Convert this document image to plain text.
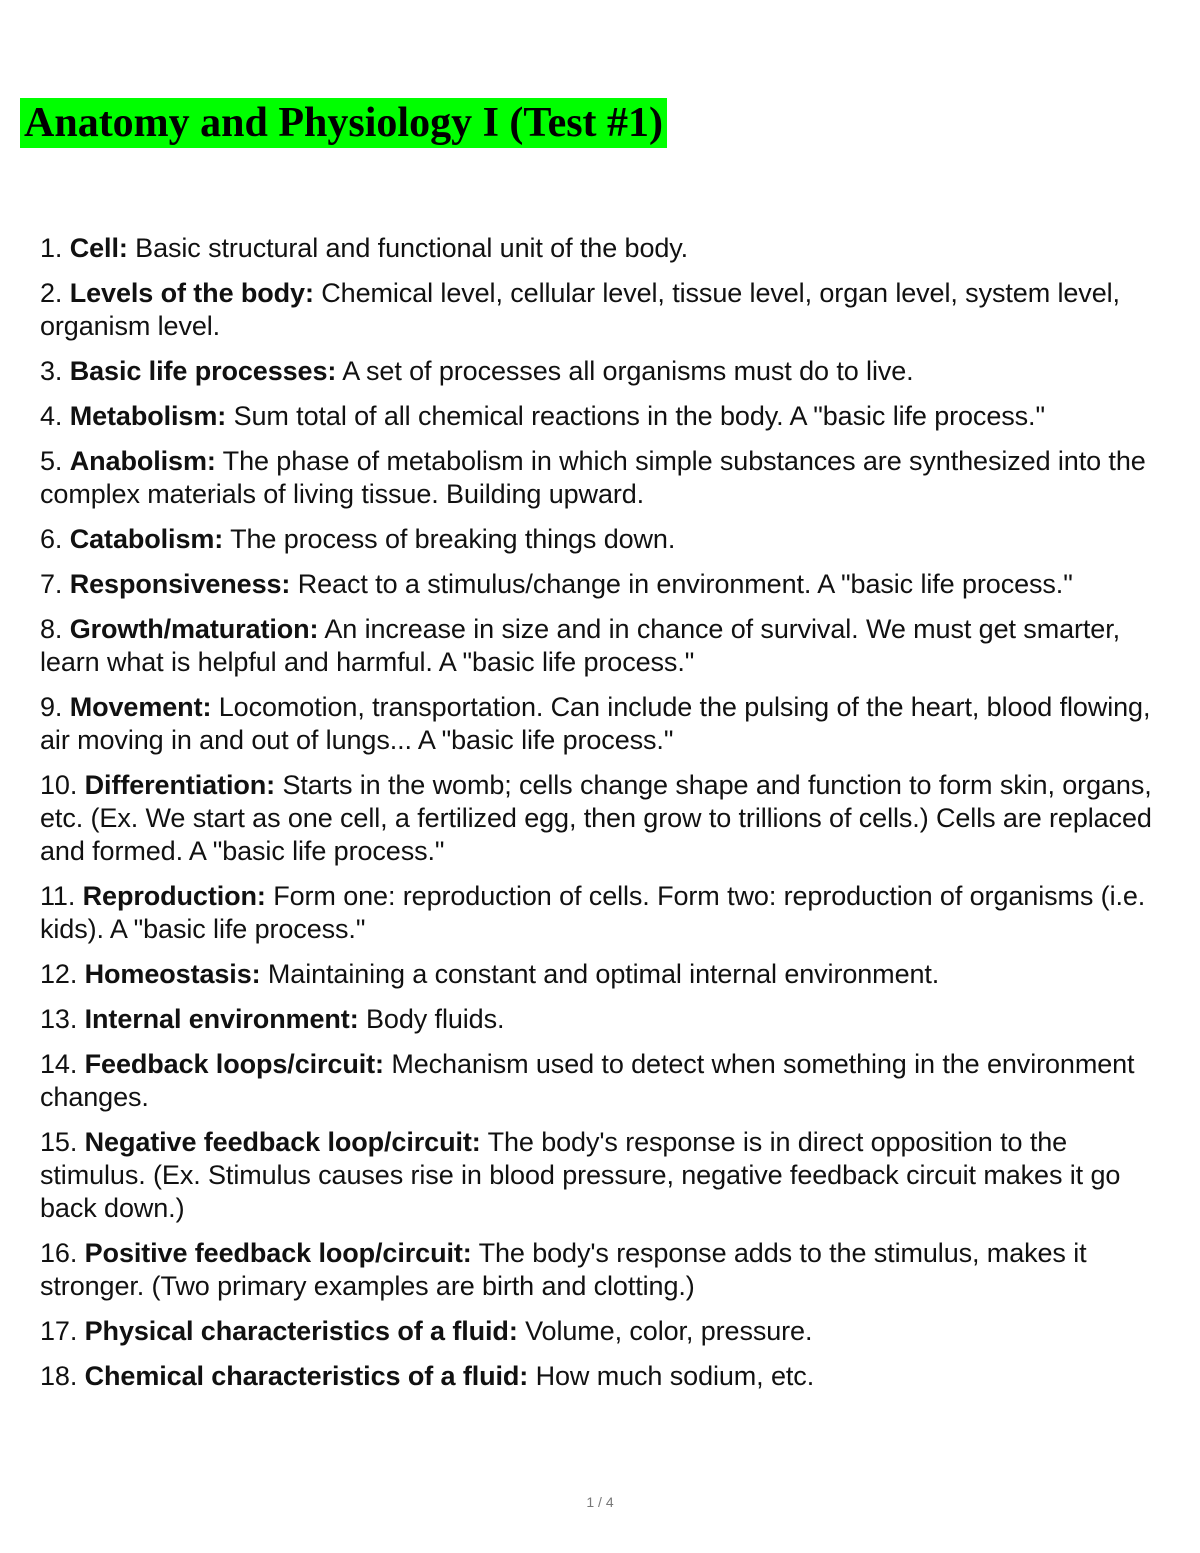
Anatomy and Physiology I (Test #1)
1. Cell: Basic structural and functional unit of the body.
2. Levels of the body: Chemical level, cellular level, tissue level, organ level, system level, organism level.
3. Basic life processes: A set of processes all organisms must do to live.
4. Metabolism: Sum total of all chemical reactions in the body. A "basic life process."
5. Anabolism: The phase of metabolism in which simple substances are synthesized into the complex materials of living tissue. Building upward.
6. Catabolism: The process of breaking things down.
7. Responsiveness: React to a stimulus/change in environment. A "basic life process."
8. Growth/maturation: An increase in size and in chance of survival. We must get smarter, learn what is helpful and harmful. A "basic life process."
9. Movement: Locomotion, transportation. Can include the pulsing of the heart, blood flowing, air moving in and out of lungs... A "basic life process."
10. Differentiation: Starts in the womb; cells change shape and function to form skin, organs, etc. (Ex. We start as one cell, a fertilized egg, then grow to trillions of cells.) Cells are replaced and formed. A "basic life process."
11. Reproduction: Form one: reproduction of cells. Form two: reproduction of organisms (i.e. kids). A "basic life process."
12. Homeostasis: Maintaining a constant and optimal internal environment.
13. Internal environment: Body fluids.
14. Feedback loops/circuit: Mechanism used to detect when something in the environment changes.
15. Negative feedback loop/circuit: The body's response is in direct opposition to the stimulus. (Ex. Stimulus causes rise in blood pressure, negative feedback circuit makes it go back down.)
16. Positive feedback loop/circuit: The body's response adds to the stimulus, makes it stronger. (Two primary examples are birth and clotting.)
17. Physical characteristics of a fluid: Volume, color, pressure.
18. Chemical characteristics of a fluid: How much sodium, etc.
1 / 4
